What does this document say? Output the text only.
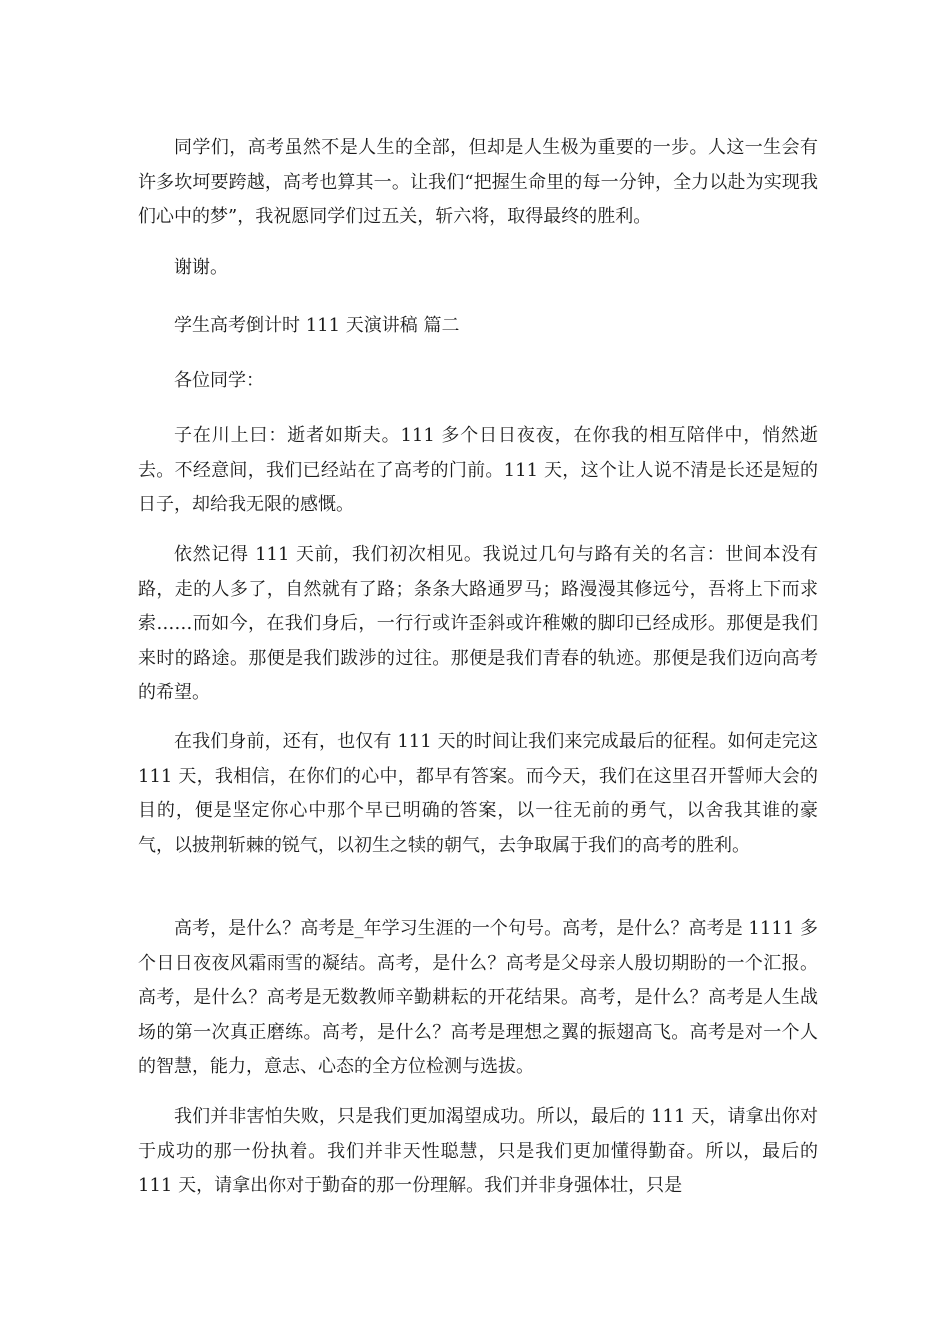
同学们，高考虽然不是人生的全部，但却是人生极为重要的一步。人这一生会有许多坎坷要跨越，高考也算其一。让我们“把握生命里的每一分钟，全力以赴为实现我们心中的梦”，我祝愿同学们过五关，斩六将，取得最终的胜利。

谢谢。

学生高考倒计时 111 天演讲稿 篇二

各位同学：

子在川上曰：逝者如斯夫。111 多个日日夜夜，在你我的相互陪伴中，悄然逝去。不经意间，我们已经站在了高考的门前。111 天，这个让人说不清是长还是短的日子，却给我无限的感慨。

依然记得 111 天前，我们初次相见。我说过几句与路有关的名言：世间本没有路，走的人多了，自然就有了路；条条大路通罗马；路漫漫其修远兮，吾将上下而求索……而如今，在我们身后，一行行或许歪斜或许稚嫩的脚印已经成形。那便是我们来时的路途。那便是我们跋涉的过往。那便是我们青春的轨迹。那便是我们迈向高考的希望。

在我们身前，还有，也仅有 111 天的时间让我们来完成最后的征程。如何走完这 111 天，我相信，在你们的心中，都早有答案。而今天，我们在这里召开誓师大会的目的，便是坚定你心中那个早已明确的答案，以一往无前的勇气，以舍我其谁的豪气，以披荆斩棘的锐气，以初生之犊的朝气，去争取属于我们的高考的胜利。

高考，是什么？高考是_年学习生涯的一个句号。高考，是什么？高考是 1111 多个日日夜夜风霜雨雪的凝结。高考，是什么？高考是父母亲人殷切期盼的一个汇报。高考，是什么？高考是无数教师辛勤耕耘的开花结果。高考，是什么？高考是人生战场的第一次真正磨练。高考，是什么？高考是理想之翼的振翅高飞。高考是对一个人的智慧，能力，意志、心态的全方位检测与选拔。

我们并非害怕失败，只是我们更加渴望成功。所以，最后的 111 天，请拿出你对于成功的那一份执着。我们并非天性聪慧，只是我们更加懂得勤奋。所以，最后的 111 天，请拿出你对于勤奋的那一份理解。我们并非身强体壮，只是
